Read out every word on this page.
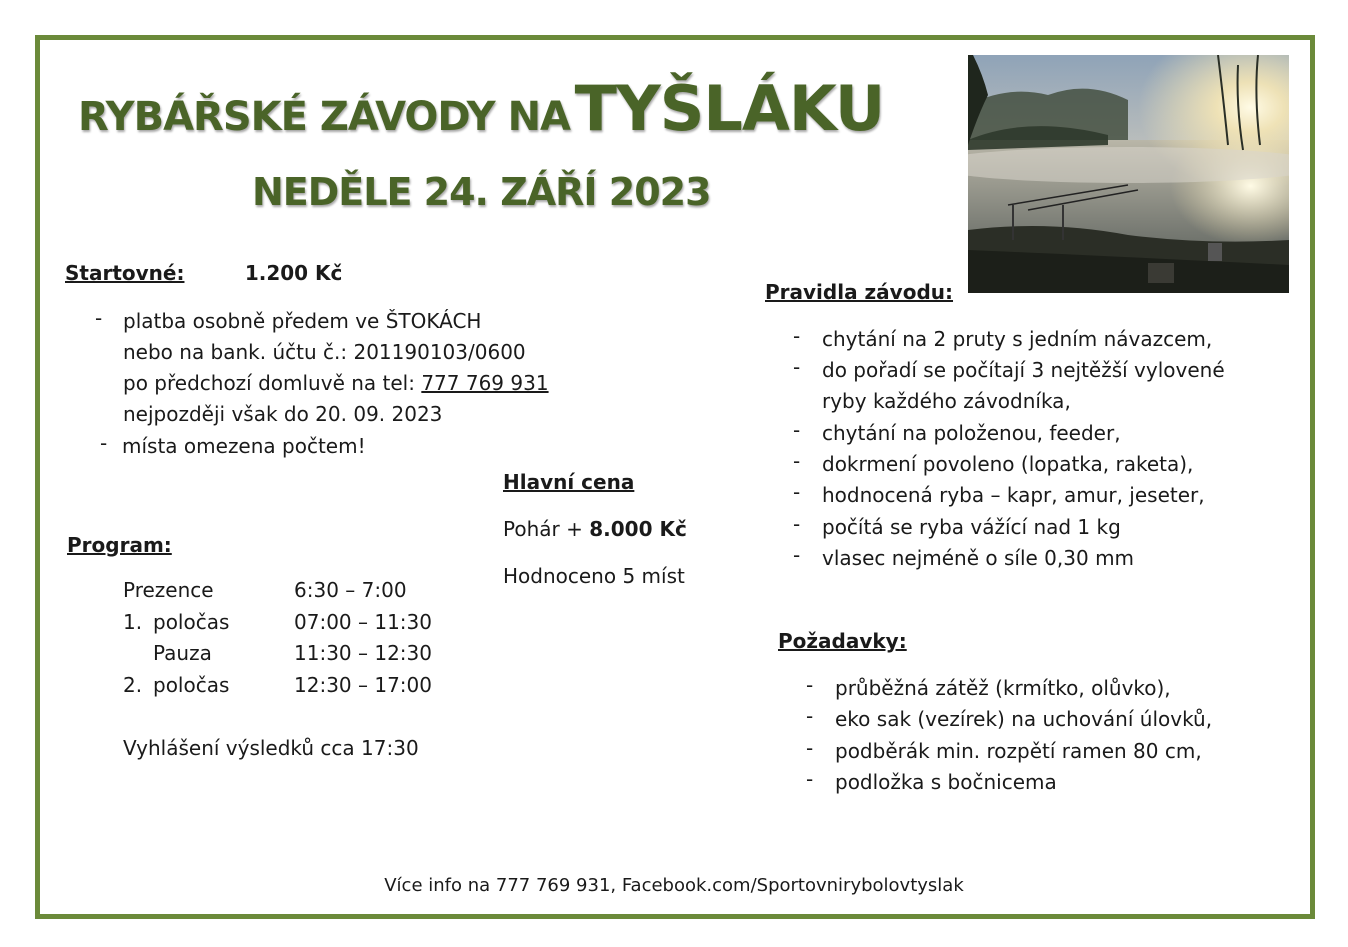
RYBÁŘSKÉ ZÁVODY NA TYŠLÁKU
NEDĚLE 24. ZÁŘÍ 2023
Startovné:	1.200 Kč
- platba osobně předem ve ŠTOKÁCH
nebo na bank. účtu č.: 201190103/0600
po předchozí domluvě na tel: 777 769 931
nejpozději však do 20. 09. 2023
- místa omezena počtem!
Hlavní cena
Pohár + 8.000 Kč
Hodnoceno 5 míst
Program:
Prezence	6:30 – 7:00
1. poločas	07:00 – 11:30
Pauza	11:30 – 12:30
2. poločas	12:30 – 17:00
Vyhlášení výsledků cca 17:30
Pravidla závodu:
- chytání na 2 pruty s jedním návazcem,
- do pořadí se počítají 3 nejtěžší vylovené
ryby každého závodníka,
- chytání na položenou, feeder,
- dokrmení povoleno (lopatka, raketa),
- hodnocená ryba – kapr, amur, jeseter,
- počítá se ryba vážící nad 1 kg
- vlasec nejméně o síle 0,30 mm
Požadavky:
- průběžná zátěž (krmítko, olůvko),
- eko sak (vezírek) na uchování úlovků,
- podběrák min. rozpětí ramen 80 cm,
- podložka s bočnicema
Více info na 777 769 931, Facebook.com/Sportovnirybolovtyslak
